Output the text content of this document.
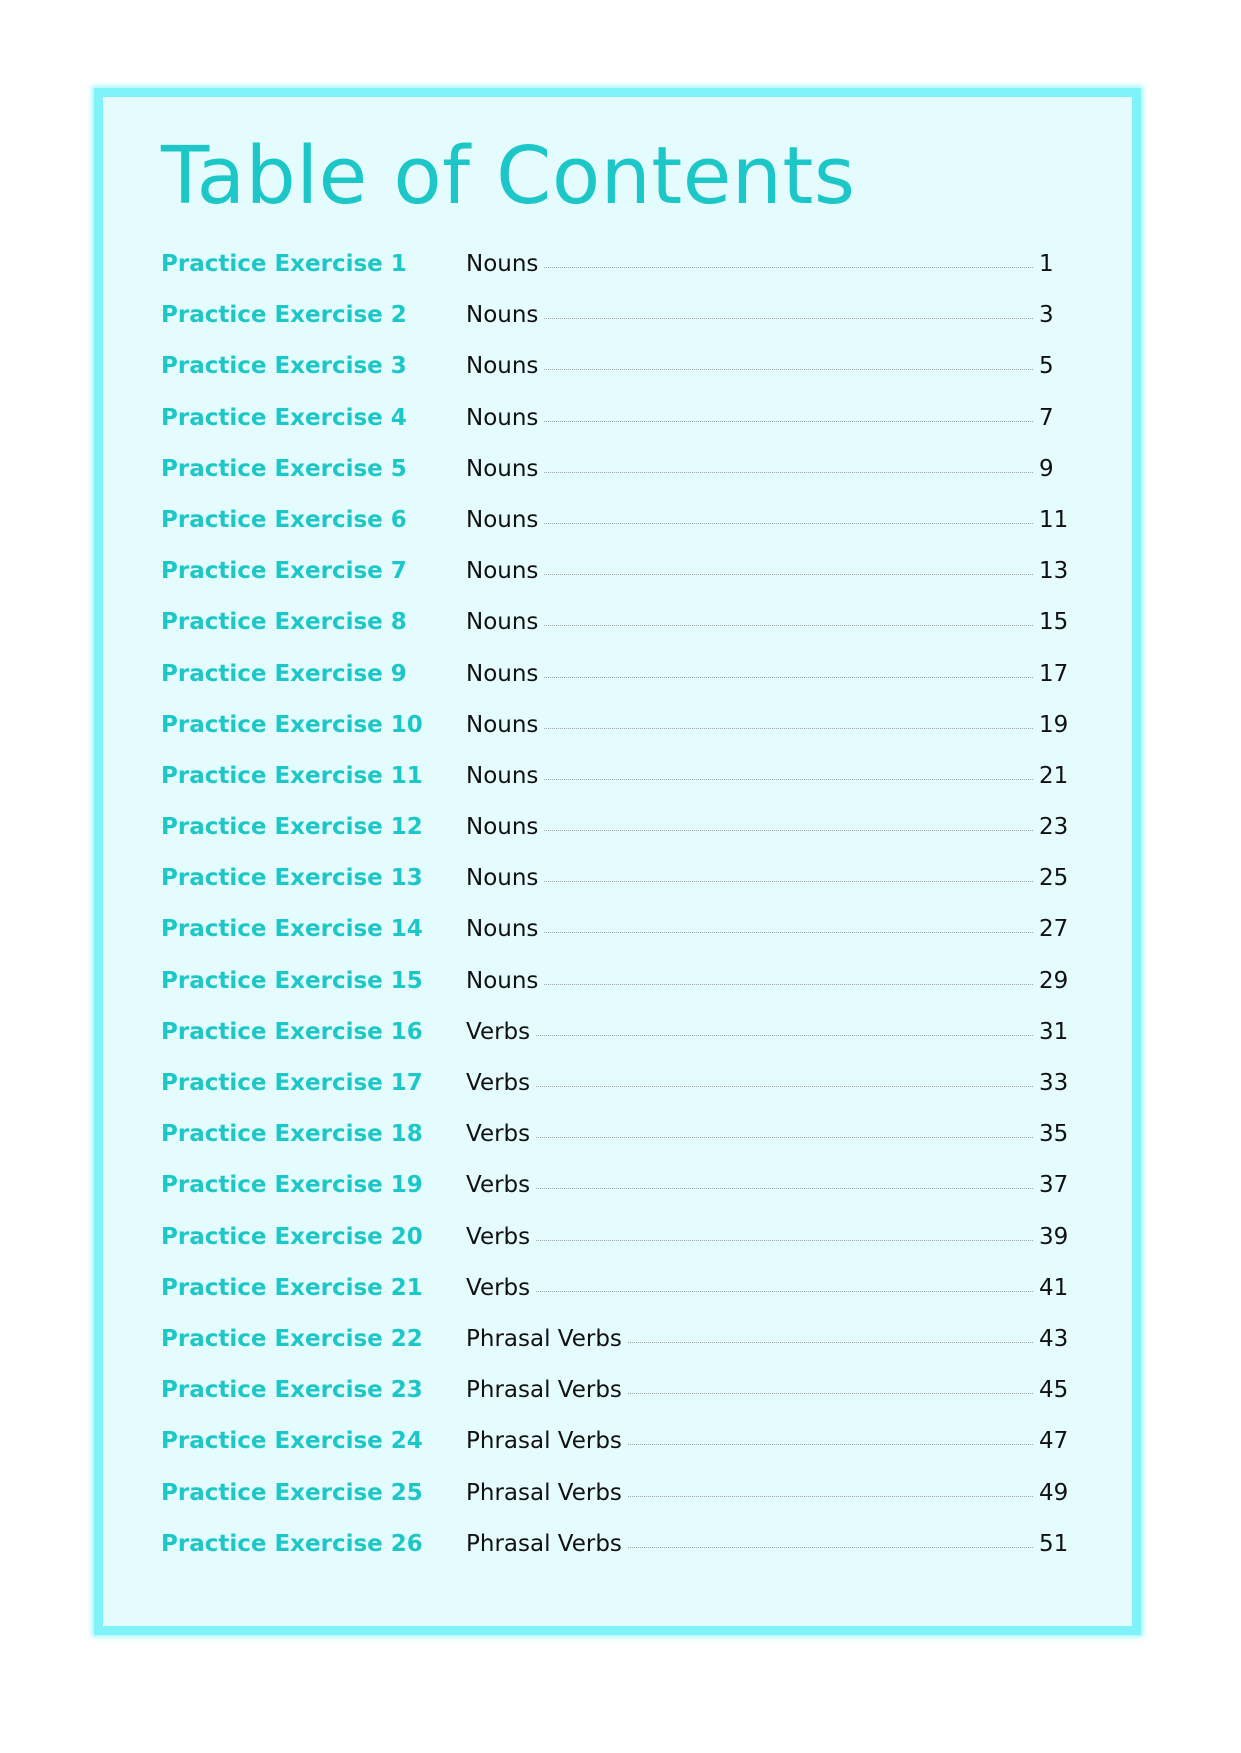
Table of Contents
Practice Exercise 1	Nouns	1
Practice Exercise 2	Nouns	3
Practice Exercise 3	Nouns	5
Practice Exercise 4	Nouns	7
Practice Exercise 5	Nouns	9
Practice Exercise 6	Nouns	11
Practice Exercise 7	Nouns	13
Practice Exercise 8	Nouns	15
Practice Exercise 9	Nouns	17
Practice Exercise 10	Nouns	19
Practice Exercise 11	Nouns	21
Practice Exercise 12	Nouns	23
Practice Exercise 13	Nouns	25
Practice Exercise 14	Nouns	27
Practice Exercise 15	Nouns	29
Practice Exercise 16	Verbs	31
Practice Exercise 17	Verbs	33
Practice Exercise 18	Verbs	35
Practice Exercise 19	Verbs	37
Practice Exercise 20	Verbs	39
Practice Exercise 21	Verbs	41
Practice Exercise 22	Phrasal Verbs	43
Practice Exercise 23	Phrasal Verbs	45
Practice Exercise 24	Phrasal Verbs	47
Practice Exercise 25	Phrasal Verbs	49
Practice Exercise 26	Phrasal Verbs	51
